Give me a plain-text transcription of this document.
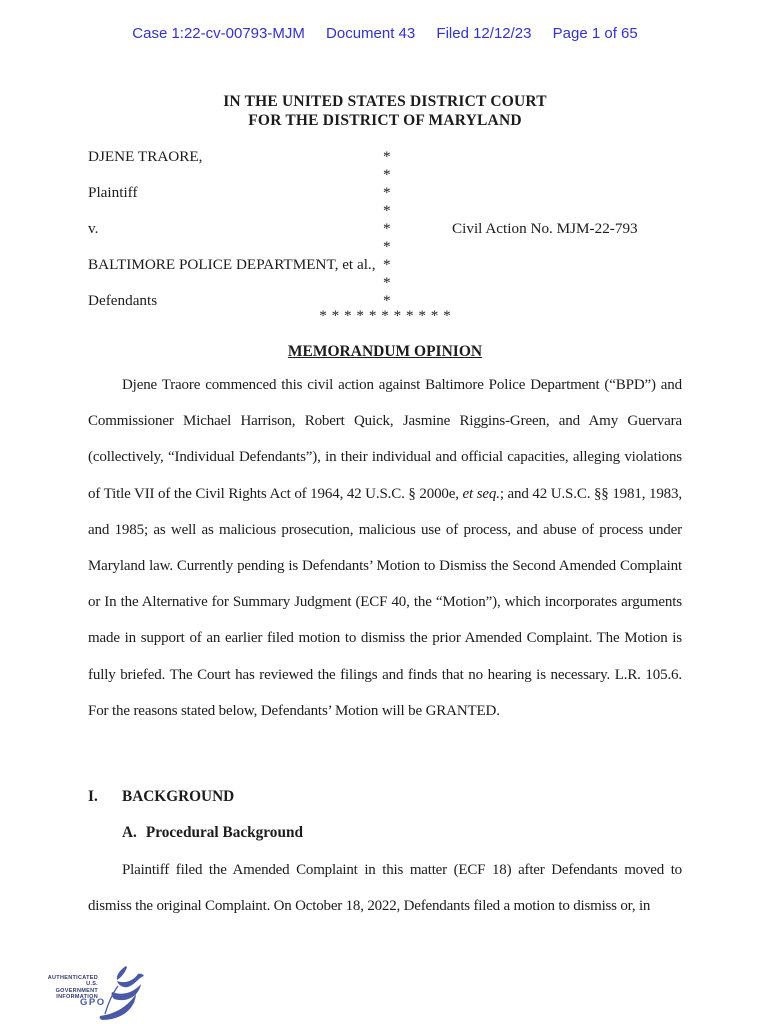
Case 1:22-cv-00793-MJM Document 43 Filed 12/12/23 Page 1 of 65
IN THE UNITED STATES DISTRICT COURT
FOR THE DISTRICT OF MARYLAND
DJENE TRAORE,
Plaintiff
v.
BALTIMORE POLICE DEPARTMENT, et al.,
Defendants
*
*
*
*
*
*
*
*
*
Civil Action No. MJM-22-793
* * * * * * * * * * *
MEMORANDUM OPINION

Djene Traore commenced this civil action against Baltimore Police Department (“BPD”) and Commissioner Michael Harrison, Robert Quick, Jasmine Riggins-Green, and Amy Guervara (collectively, “Individual Defendants”), in their individual and official capacities, alleging violations of Title VII of the Civil Rights Act of 1964, 42 U.S.C. § 2000e, et seq.; and 42 U.S.C. §§ 1981, 1983, and 1985; as well as malicious prosecution, malicious use of process, and abuse of process under Maryland law. Currently pending is Defendants’ Motion to Dismiss the Second Amended Complaint or In the Alternative for Summary Judgment (ECF 40, the “Motion”), which incorporates arguments made in support of an earlier filed motion to dismiss the prior Amended Complaint. The Motion is fully briefed. The Court has reviewed the filings and finds that no hearing is necessary. L.R. 105.6. For the reasons stated below, Defendants’ Motion will be GRANTED.

I. BACKGROUND
A. Procedural Background

Plaintiff filed the Amended Complaint in this matter (ECF 18) after Defendants moved to dismiss the original Complaint. On October 18, 2022, Defendants filed a motion to dismiss or, in

AUTHENTICATED
U.S. GOVERNMENT
INFORMATION
GPO
